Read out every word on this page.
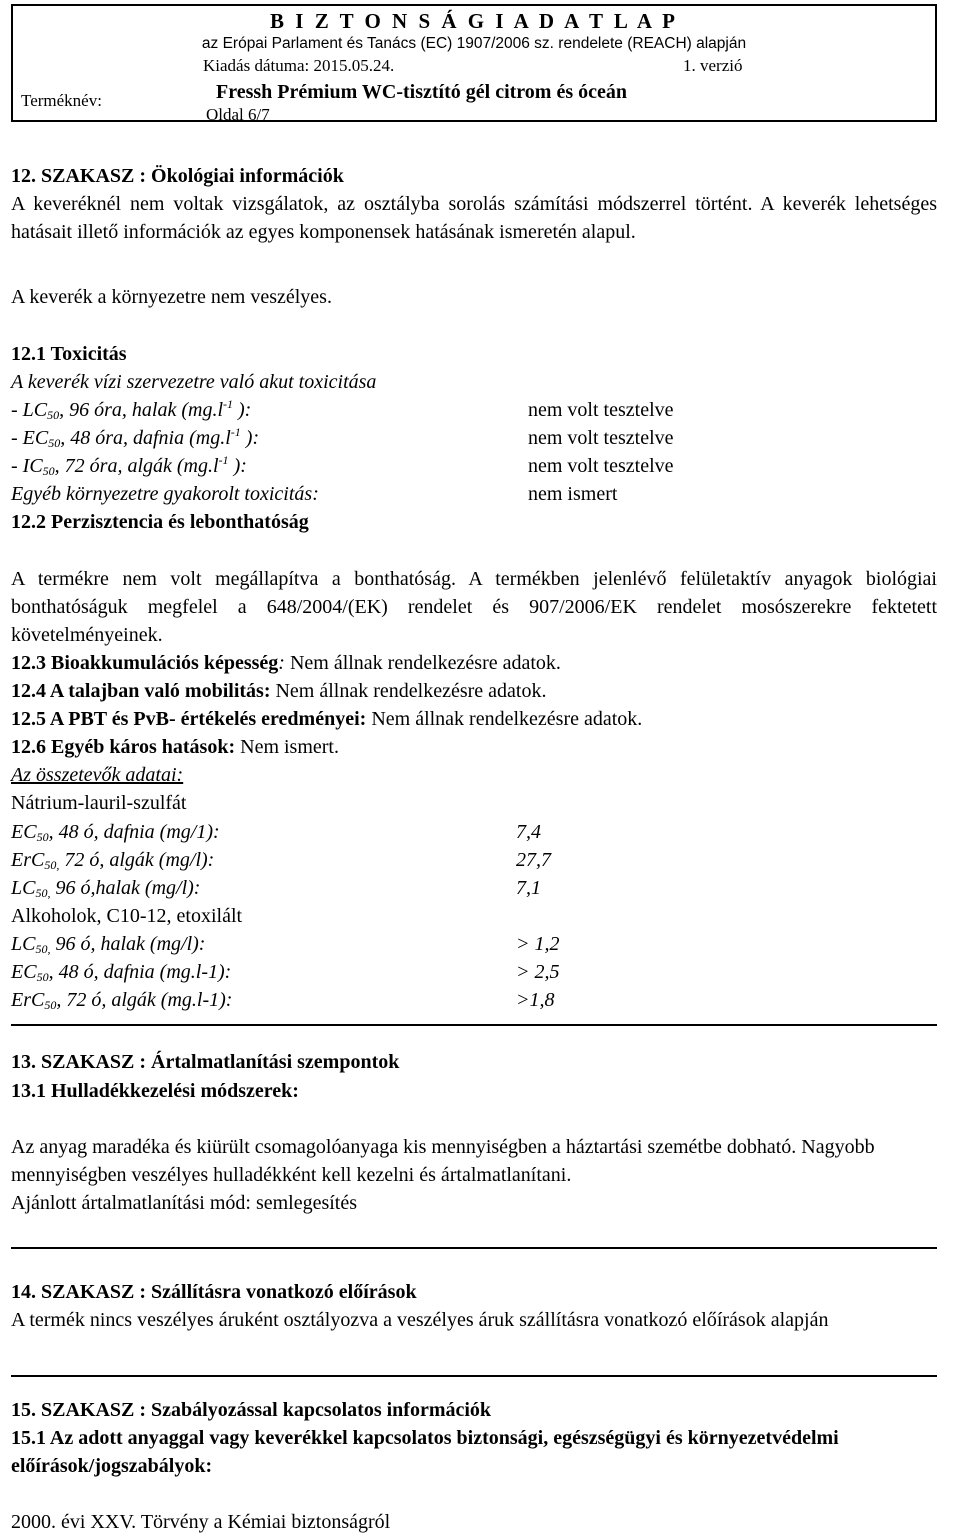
B I Z T O N S Á G I A D A T L A P
az Erópai Parlament és Tanács (EC) 1907/2006 sz. rendelete (REACH) alapján
Kiadás dátuma: 2015.05.24.	1. verzió
Terméknév:	Fressh Prémium WC-tisztító gél citrom és óceán
Oldal 6/7
12. SZAKASZ : Ökológiai információk
A keveréknél nem voltak vizsgálatok, az osztályba sorolás számítási módszerrel történt. A keverék lehetséges hatásait illető információk az egyes komponensek hatásának ismeretén alapul.
A keverék a környezetre nem veszélyes.
12.1 Toxicitás
A keverék vízi szervezetre való akut toxicitása
- $LC_{50}$, 96 óra, halak ($mg.l^{-1}$ ):	nem volt tesztelve
- $EC_{50}$, 48 óra, dafnia ($mg.l^{-1}$ ):	nem volt tesztelve
- $IC_{50}$, 72 óra, algák ($mg.l^{-1}$ ):	nem volt tesztelve
Egyéb környezetre gyakorolt toxicitás:	nem ismert
12.2 Perzisztencia és lebonthatóság
A termékre nem volt megállapítva a bonthatóság. A termékben jelenlévő felületaktív anyagok biológiai bonthatóságuk megfelel a 648/2004/(EK) rendelet és 907/2006/EK rendelet mosószerekre fektetett követelményeinek.
12.3 Bioakkumulációs képesség: Nem állnak rendelkezésre adatok.
12.4 A talajban való mobilitás: Nem állnak rendelkezésre adatok.
12.5 A PBT és PvB- értékelés eredményei: Nem állnak rendelkezésre adatok.
12.6 Egyéb káros hatások: Nem ismert.
Az összetevők adatai:
Nátrium-lauril-szulfát
$EC_{50}$, 48 ó, dafnia (mg/1):	7,4
ErC$_{50,}$ 72 ó, algák (mg/l):	27,7
$LC_{50,}$ 96 ó,halak (mg/l):	7,1
Alkoholok, C10-12, etoxilált
$LC_{50,}$ 96 ó, halak (mg/l):	> 1,2
$EC_{50}$, 48 ó, dafnia (mg.l-1):	> 2,5
ErC$_{50}$, 72 ó, algák (mg.l-1):	>1,8
13. SZAKASZ : Ártalmatlanítási szempontok
13.1 Hulladékkezelési módszerek:
Az anyag maradéka és kiürült csomagolóanyaga kis mennyiségben a háztartási szemétbe dobható. Nagyobb mennyiségben veszélyes hulladékként kell kezelni és ártalmatlanítani.
Ajánlott ártalmatlanítási mód: semlegesítés
14. SZAKASZ : Szállításra vonatkozó előírások
A termék nincs veszélyes áruként osztályozva a veszélyes áruk szállításra vonatkozó előírások alapján
15. SZAKASZ : Szabályozással kapcsolatos információk
15.1 Az adott anyaggal vagy keverékkel kapcsolatos biztonsági, egészségügyi és környezetvédelmi előírások/jogszabályok:
2000. évi XXV. Törvény a Kémiai biztonságról
